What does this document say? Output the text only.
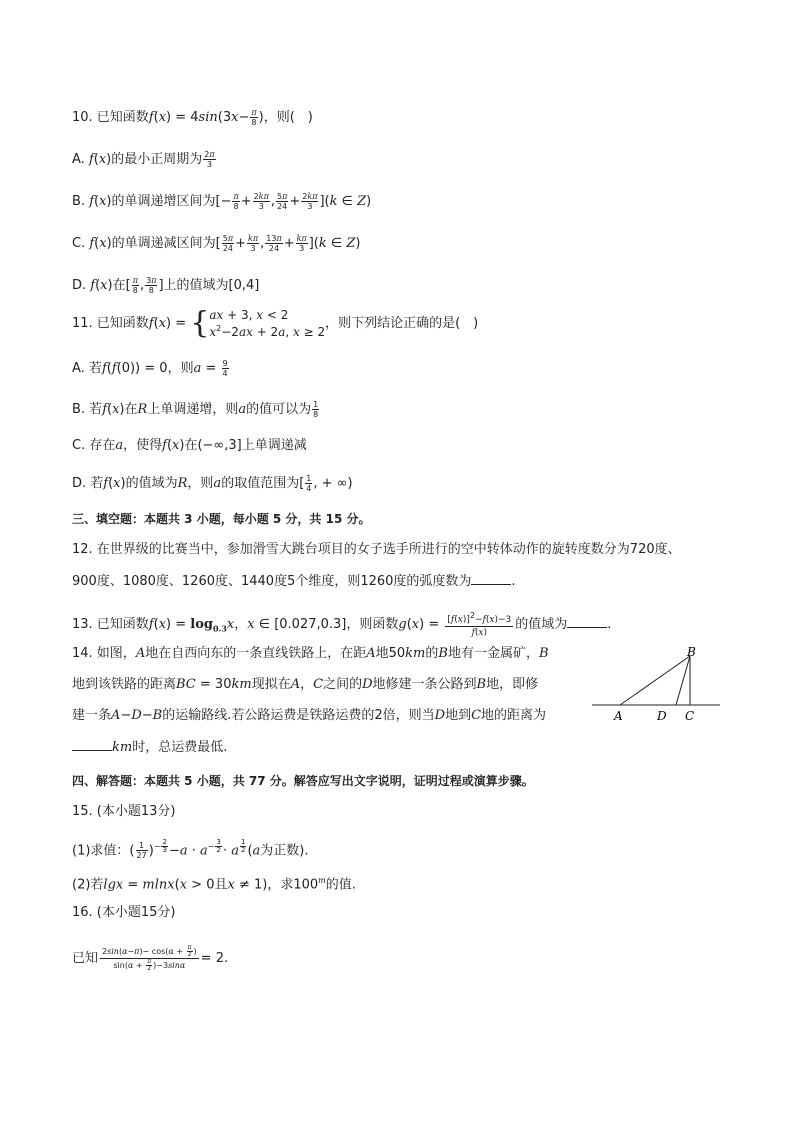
10. 已知函数$f(x) = 4\sin(3x- \frac{\pi}{8}$ )，则(　)
A. f(x)的最小正周期为 $\frac{2\pi}{3}$
B. f(x)的单调递增区间为[− $\frac{\pi}{8} + \frac{2k\pi}{3}$ , $\frac{5\pi}{24} + \frac{2k\pi}{3} ](k$ ∈ Z)
C. f(x)的单调递减区间为[ $\frac{5\pi}{24} + \frac{k\pi}{3}$ , $\frac{13\pi}{24} + \frac{k\pi}{3} ](k$ ∈ Z)
D. f(x)在[ $\frac{\pi}{8}$ , $\frac{3\pi}{8}$ ]上的值域为[0,4]
11. 已知函数f(x) = { ax + 3, x < 2
$x^2-2ax + 2a$, x ≥ 2
，则下列结论正确的是(　)
A. 若f(f(0)) = 0，则$a = \frac{9}{4}$
B. 若f(x)在R上单调递增，则a的值可以为 $\frac{1}{8}$
C. 存在a，使得f(x)在(−∞,3]上单调递减
D. 若f(x)的值域为R，则a的取值范围为[ $\frac{1}{4}$ , + ∞)
三、填空题：本题共 3 小题，每小题 5 分，共 15 分。
12. 在世界级的比赛当中，参加滑雪大跳台项目的女子选手所进行的空中转体动作的旋转度数分为720度、
900度、1080度、1260度、1440度5个维度，则1260度的弧度数为	.
13. 已知函数$f(x) = \log_{0.3}x$，x ∈ [0.027,0.3]，则函数$g(x) = \frac{[f(x)]^2-f(x)-3}{f(x)}$ 的值域为	.
14. 如图，A地在自西向东的一条直线铁路上，在距A地50km的B地有一金属矿，B
地到该铁路的距离BC = 30km现拟在A，C之间的D地修建一条公路到B地，即修
建一条A−D−B的运输路线.若公路运费是铁路运费的2倍，则当D地到C地的距离为
km时，总运费最低.
B
A	D C
四、解答题：本题共 5 小题，共 77 分。解答应写出文字说明，证明过程或演算步骤。
15. (本小题13分)
(1)求值：( $\frac{1}{27} )^{- \frac{2}{3}} -a \cdot a^{- \frac{3}{2}} \cdot a$ $^{\frac{1}{2}}$ (a为正数).
(2)若lgx = mlnx(x > 0且x ≠ 1)，求100$^m$的值.
16. (本小题15分)
已知 $\frac{2\sin(\alpha-\pi)- \cos(\alpha + \frac{\pi}{2} )}{\sin(\alpha + \frac{\pi}{2} )-3\sin\alpha} = 2$.
